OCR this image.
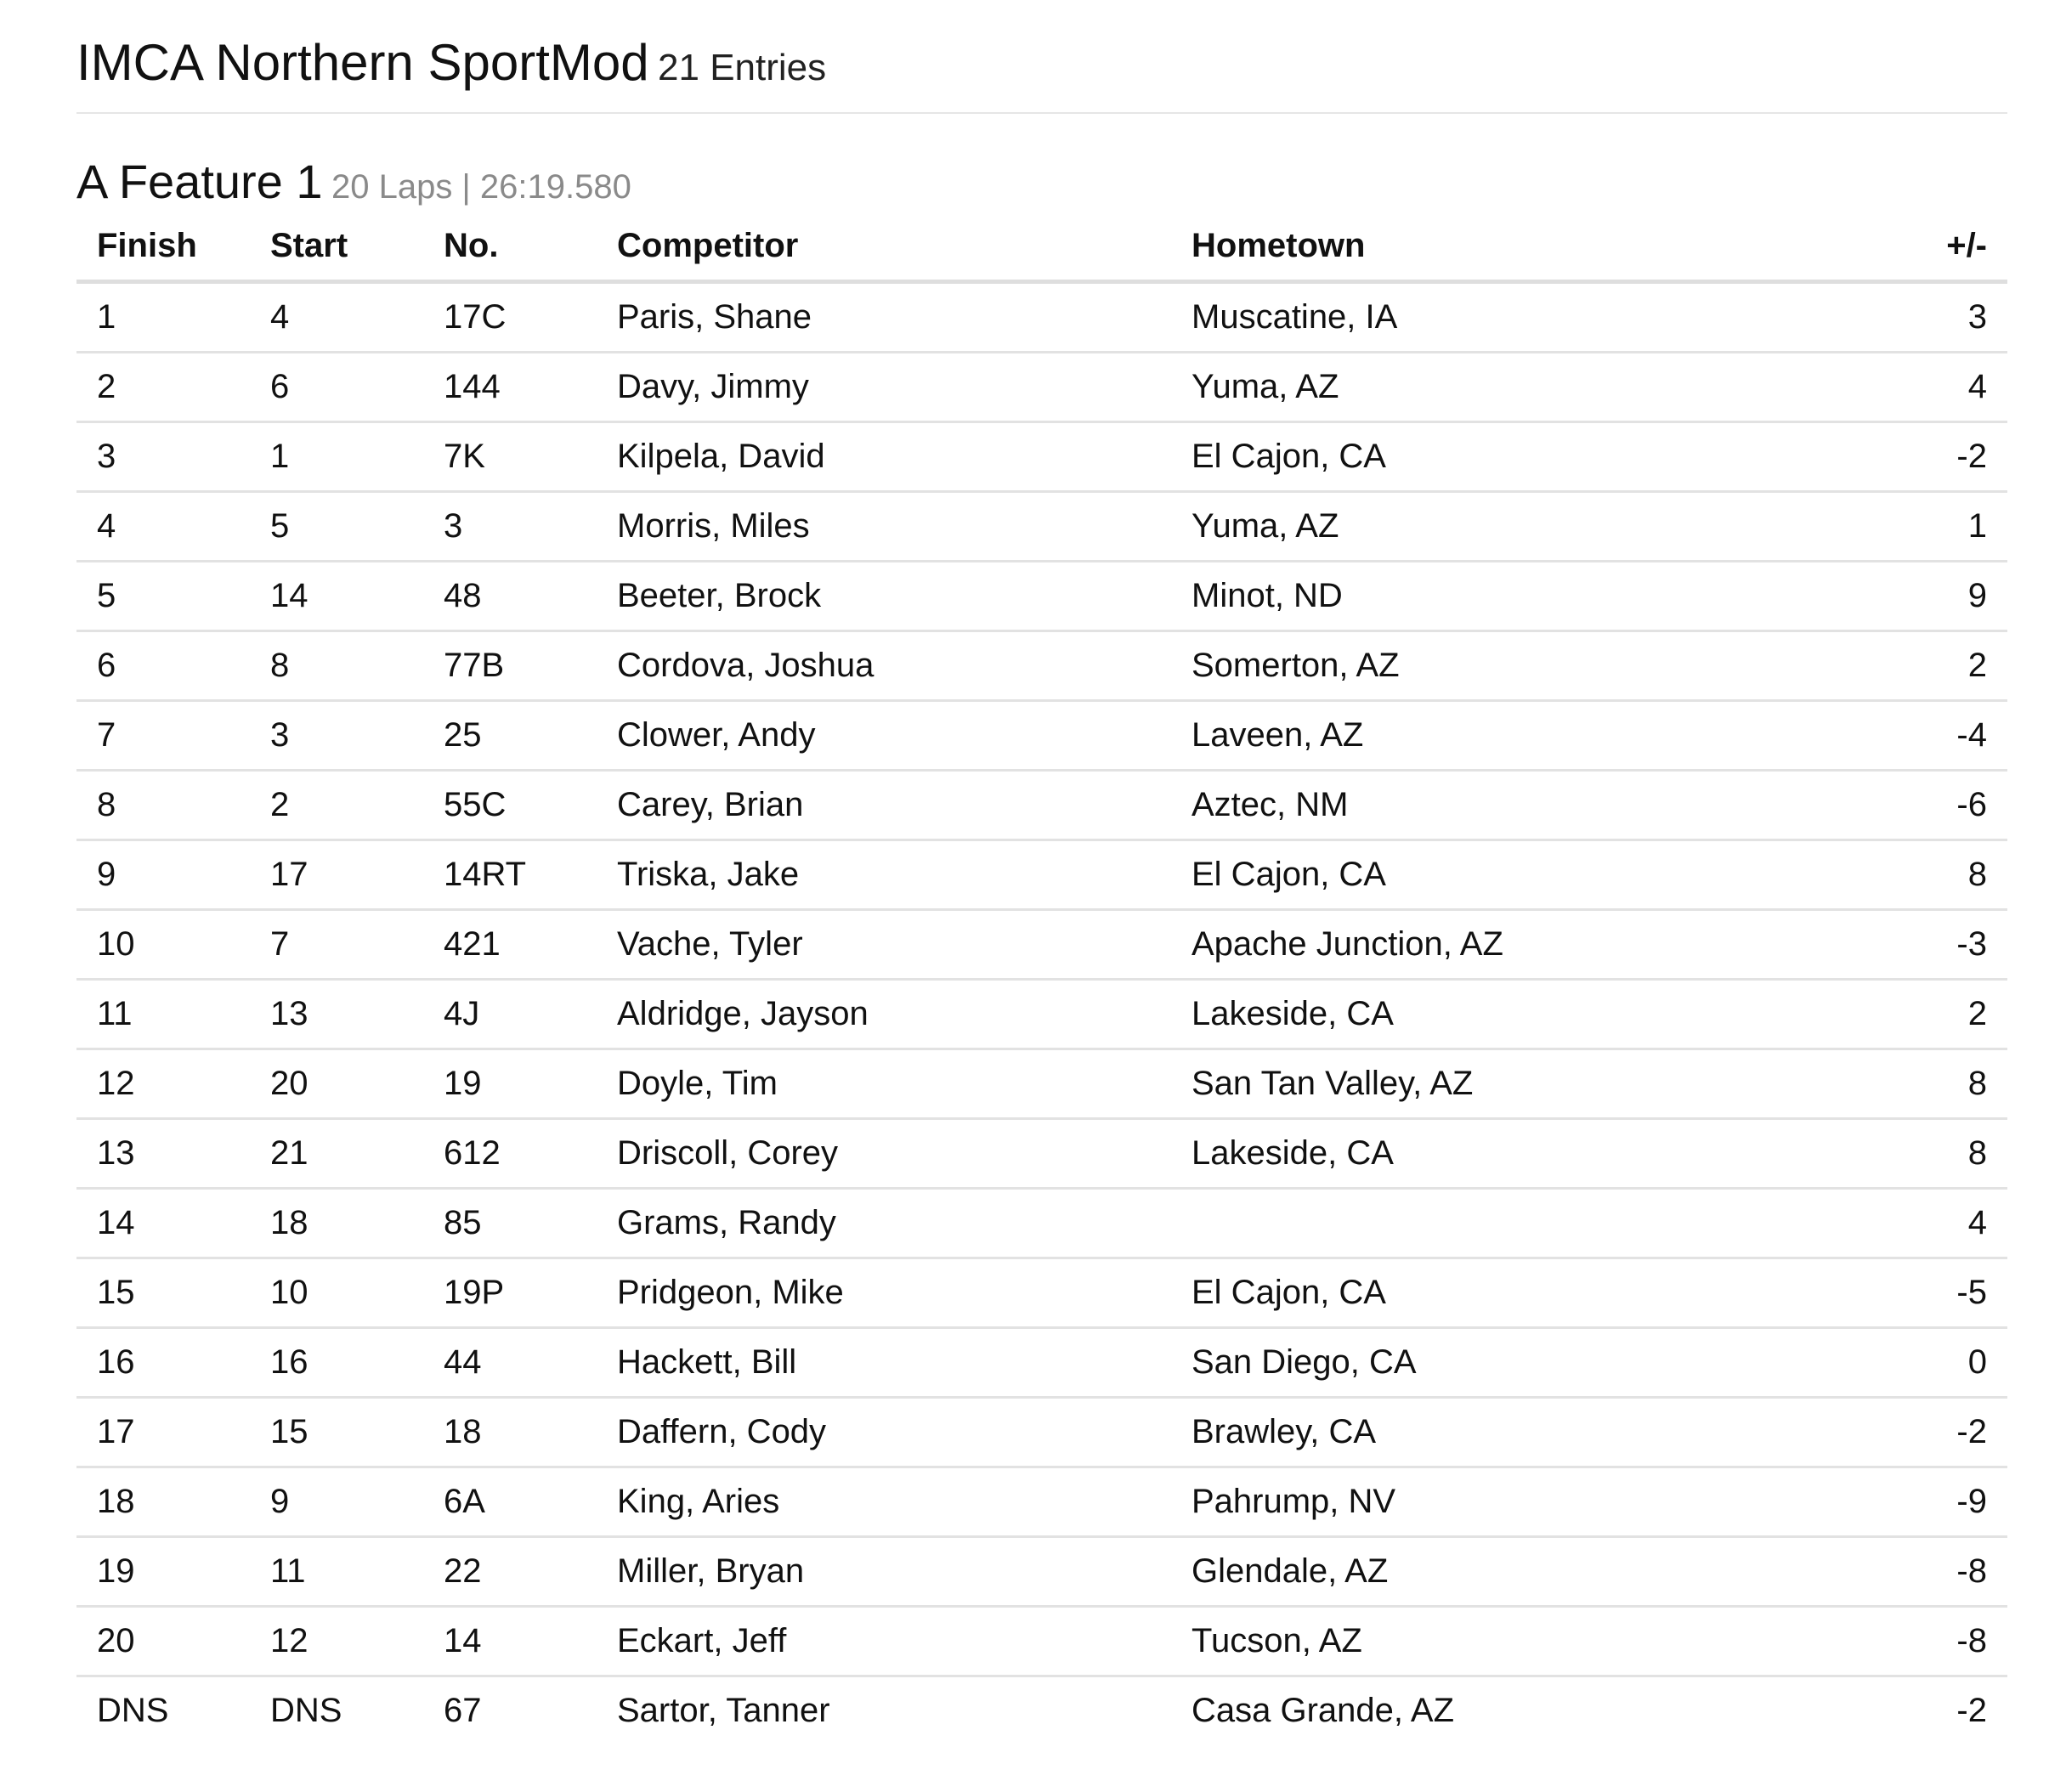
IMCA Northern SportMod 21 Entries
A Feature 1 20 Laps | 26:19.580
Finish	Start	No.	Competitor	Hometown	+/-
1	4	17C	Paris, Shane	Muscatine, IA	3
2	6	144	Davy, Jimmy	Yuma, AZ	4
3	1	7K	Kilpela, David	El Cajon, CA	-2
4	5	3	Morris, Miles	Yuma, AZ	1
5	14	48	Beeter, Brock	Minot, ND	9
6	8	77B	Cordova, Joshua	Somerton, AZ	2
7	3	25	Clower, Andy	Laveen, AZ	-4
8	2	55C	Carey, Brian	Aztec, NM	-6
9	17	14RT	Triska, Jake	El Cajon, CA	8
10	7	421	Vache, Tyler	Apache Junction, AZ	-3
11	13	4J	Aldridge, Jayson	Lakeside, CA	2
12	20	19	Doyle, Tim	San Tan Valley, AZ	8
13	21	612	Driscoll, Corey	Lakeside, CA	8
14	18	85	Grams, Randy		4
15	10	19P	Pridgeon, Mike	El Cajon, CA	-5
16	16	44	Hackett, Bill	San Diego, CA	0
17	15	18	Daffern, Cody	Brawley, CA	-2
18	9	6A	King, Aries	Pahrump, NV	-9
19	11	22	Miller, Bryan	Glendale, AZ	-8
20	12	14	Eckart, Jeff	Tucson, AZ	-8
DNS	DNS	67	Sartor, Tanner	Casa Grande, AZ	-2
